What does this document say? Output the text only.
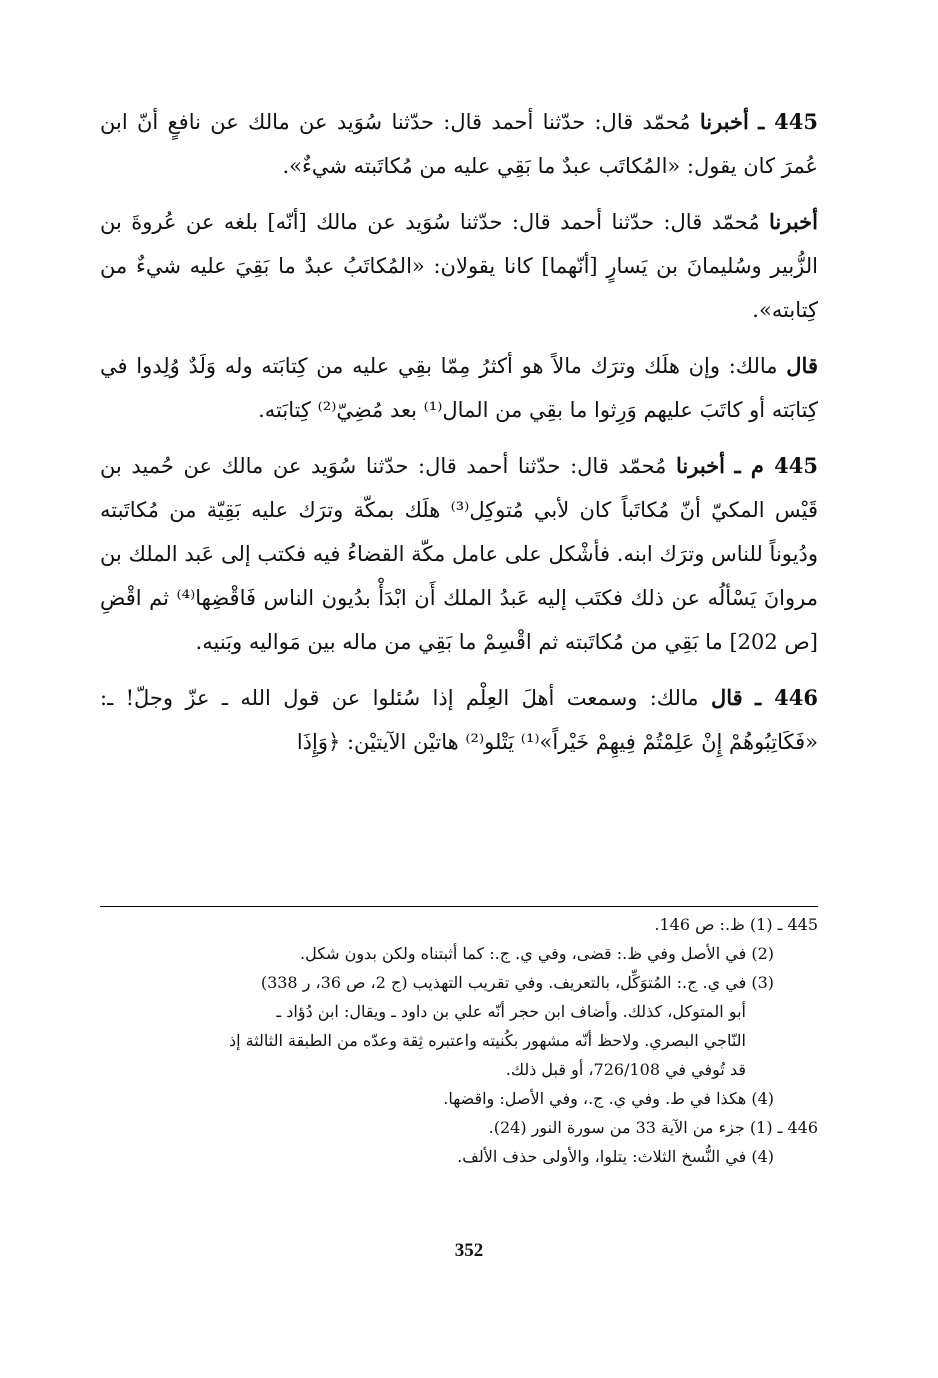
445 ـ أخبرنا مُحمّد قال: حدّثنا أحمد قال: حدّثنا سُوَيد عن مالك عن نافعٍ أنّ ابن عُمرَ كان يقول: «المُكاتَب عبدٌ ما بَقِي عليه من مُكاتَبته شيءٌ».

أخبرنا مُحمّد قال: حدّثنا أحمد قال: حدّثنا سُوَيد عن مالك [أنّه] بلغه عن عُروةَ بن الزُّبير وسُليمانَ بن يَسارٍ [أنّهما] كانا يقولان: «المُكاتَبُ عبدٌ ما بَقِيَ عليه شيءٌ من كِتابته».

قال مالك: وإن هلَك وترَك مالاً هو أكثرُ مِمّا بقِي عليه من كِتابَته وله وَلَدٌ وُلِدوا في كِتابَته أو كاتَبَ عليهم وَرِثوا ما بقِي من المال⁽¹⁾ بعد مُضِيّ⁽²⁾ كِتابَته.

445 م ـ أخبرنا مُحمّد قال: حدّثنا أحمد قال: حدّثنا سُوَيد عن مالك عن حُميد بن قَيْس المكيّ أنّ مُكاتَباً كان لأبي مُتوكِل⁽³⁾ هلَك بمكّة وترَك عليه بَقِيّة من مُكاتَبته ودُيوناً للناس وترَك ابنه. فأشْكل على عامل مكّة القضاءُ فيه فكتب إلى عَبد الملك بن مروانَ يَسْألُه عن ذلك فكتَب إليه عَبدُ الملك أَن ابْدَأْ بدُيون الناس فَاقْضِها⁽⁴⁾ ثم اقْضِ [ص 202] ما بَقِي من مُكاتَبته ثم اقْسِمْ ما بَقِي من ماله بين مَواليه وبَنيه.

446 ـ قال مالك: وسمعت أهلَ العِلْم إذا سُئلوا عن قول الله ـ عزّ وجلّ! ـ: «فَكَاتِبُوهُمْ إِنْ عَلِمْتُمْ فِيهِمْ خَيْراً»⁽¹⁾ يَتْلو⁽²⁾ هاتيْن الآيتيْن: ﴿وَإِذَا

445 ـ (1) ظ.: ص 146.

(2) في الأصل وفي ظ.: قضى، وفي ي. ج.: كما أثبتناه ولكن بدون شكل.

(3) في ي. ج.: المُتوَكِّل، بالتعريف. وفي تقريب التهذيب (ج 2، ص 36، ر 338)

أبو المتوكل، كذلك. وأضاف ابن حجر أنّه علي بن داود ـ ويقال: ابن دُؤاد ـ

النّاجي البصري. ولاحظ أنّه مشهور بكُنيته واعتبره ثِقة وعدّه من الطبقة الثالثة إذ

قد تُوفي في 726/108، أو قبل ذلك.

(4) هكذا في ط. وفي ي. ج.، وفي الأصل: واقضها.

446 ـ (1) جزء من الآية 33 من سورة النور (24).

(4) في النُّسخ الثلاث: يتلوا، والأولى حذف الألف.

352
